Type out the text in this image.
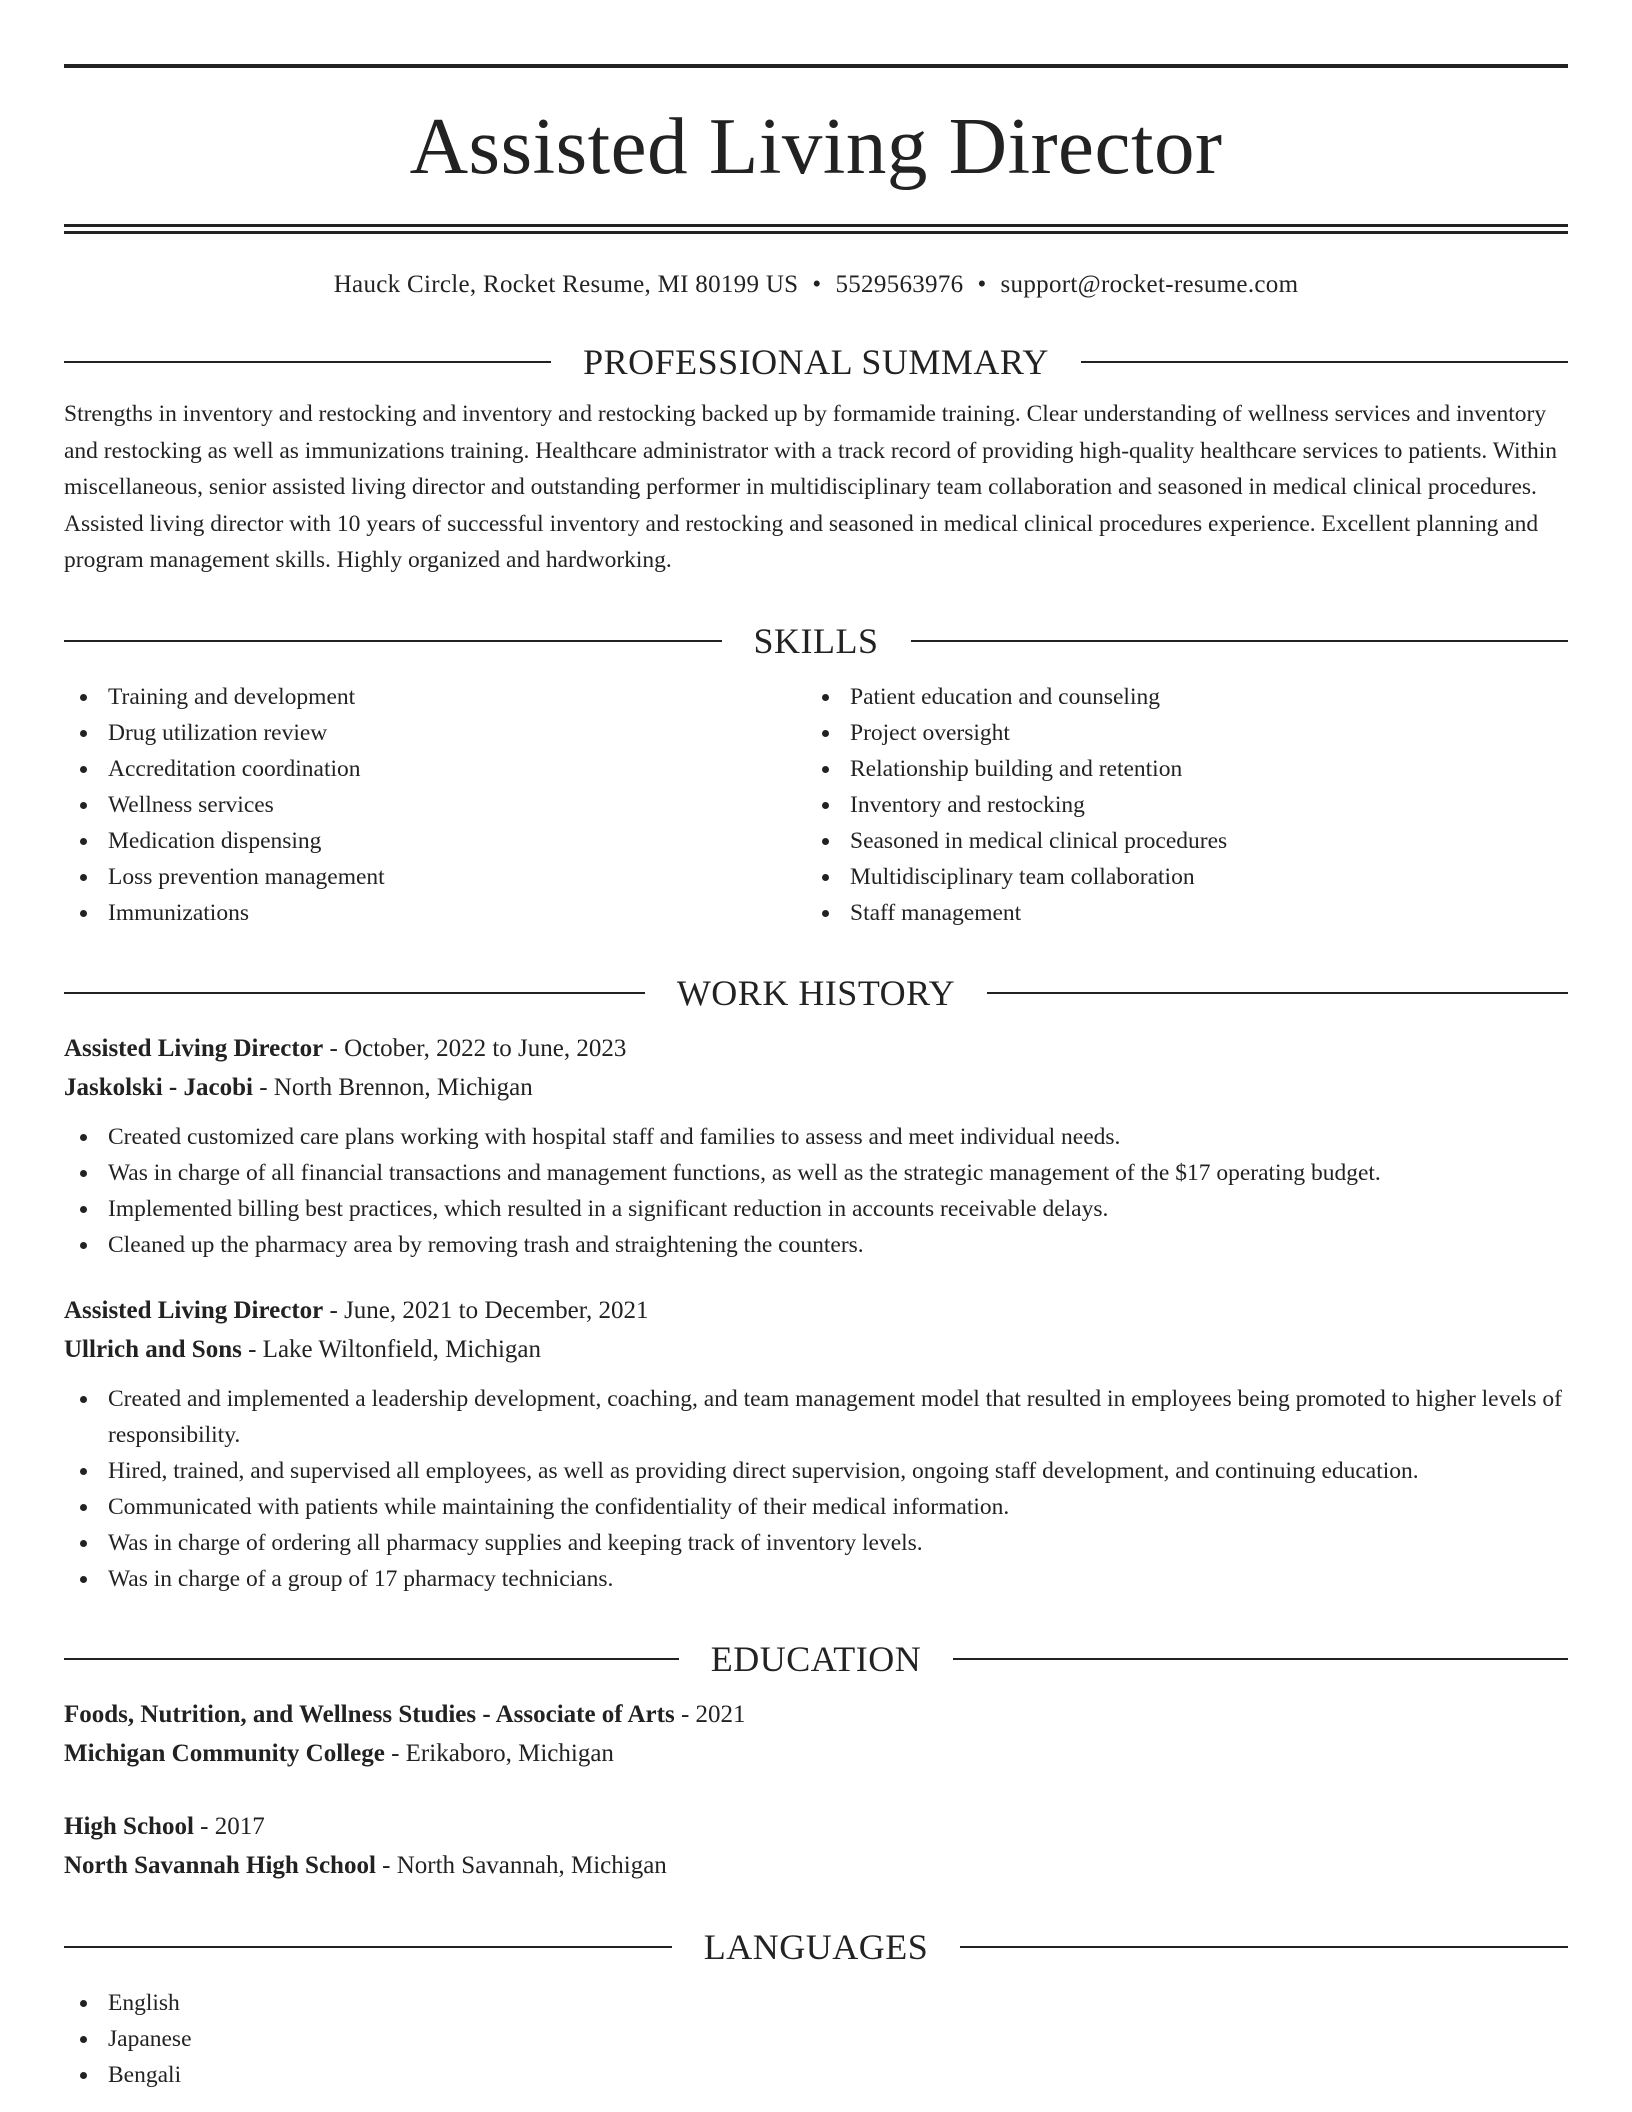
Assisted Living Director
Hauck Circle, Rocket Resume, MI 80199 US • 5529563976 • support@rocket-resume.com
PROFESSIONAL SUMMARY
Strengths in inventory and restocking and inventory and restocking backed up by formamide training. Clear understanding of wellness services and inventory and restocking as well as immunizations training. Healthcare administrator with a track record of providing high-quality healthcare services to patients. Within miscellaneous, senior assisted living director and outstanding performer in multidisciplinary team collaboration and seasoned in medical clinical procedures. Assisted living director with 10 years of successful inventory and restocking and seasoned in medical clinical procedures experience. Excellent planning and program management skills. Highly organized and hardworking.
SKILLS
Training and development
Drug utilization review
Accreditation coordination
Wellness services
Medication dispensing
Loss prevention management
Immunizations
Patient education and counseling
Project oversight
Relationship building and retention
Inventory and restocking
Seasoned in medical clinical procedures
Multidisciplinary team collaboration
Staff management
WORK HISTORY
Assisted Living Director - October, 2022 to June, 2023
Jaskolski - Jacobi - North Brennon, Michigan
Created customized care plans working with hospital staff and families to assess and meet individual needs.
Was in charge of all financial transactions and management functions, as well as the strategic management of the $17 operating budget.
Implemented billing best practices, which resulted in a significant reduction in accounts receivable delays.
Cleaned up the pharmacy area by removing trash and straightening the counters.
Assisted Living Director - June, 2021 to December, 2021
Ullrich and Sons - Lake Wiltonfield, Michigan
Created and implemented a leadership development, coaching, and team management model that resulted in employees being promoted to higher levels of responsibility.
Hired, trained, and supervised all employees, as well as providing direct supervision, ongoing staff development, and continuing education.
Communicated with patients while maintaining the confidentiality of their medical information.
Was in charge of ordering all pharmacy supplies and keeping track of inventory levels.
Was in charge of a group of 17 pharmacy technicians.
EDUCATION
Foods, Nutrition, and Wellness Studies - Associate of Arts - 2021
Michigan Community College - Erikaboro, Michigan
High School - 2017
North Savannah High School - North Savannah, Michigan
LANGUAGES
English
Japanese
Bengali
